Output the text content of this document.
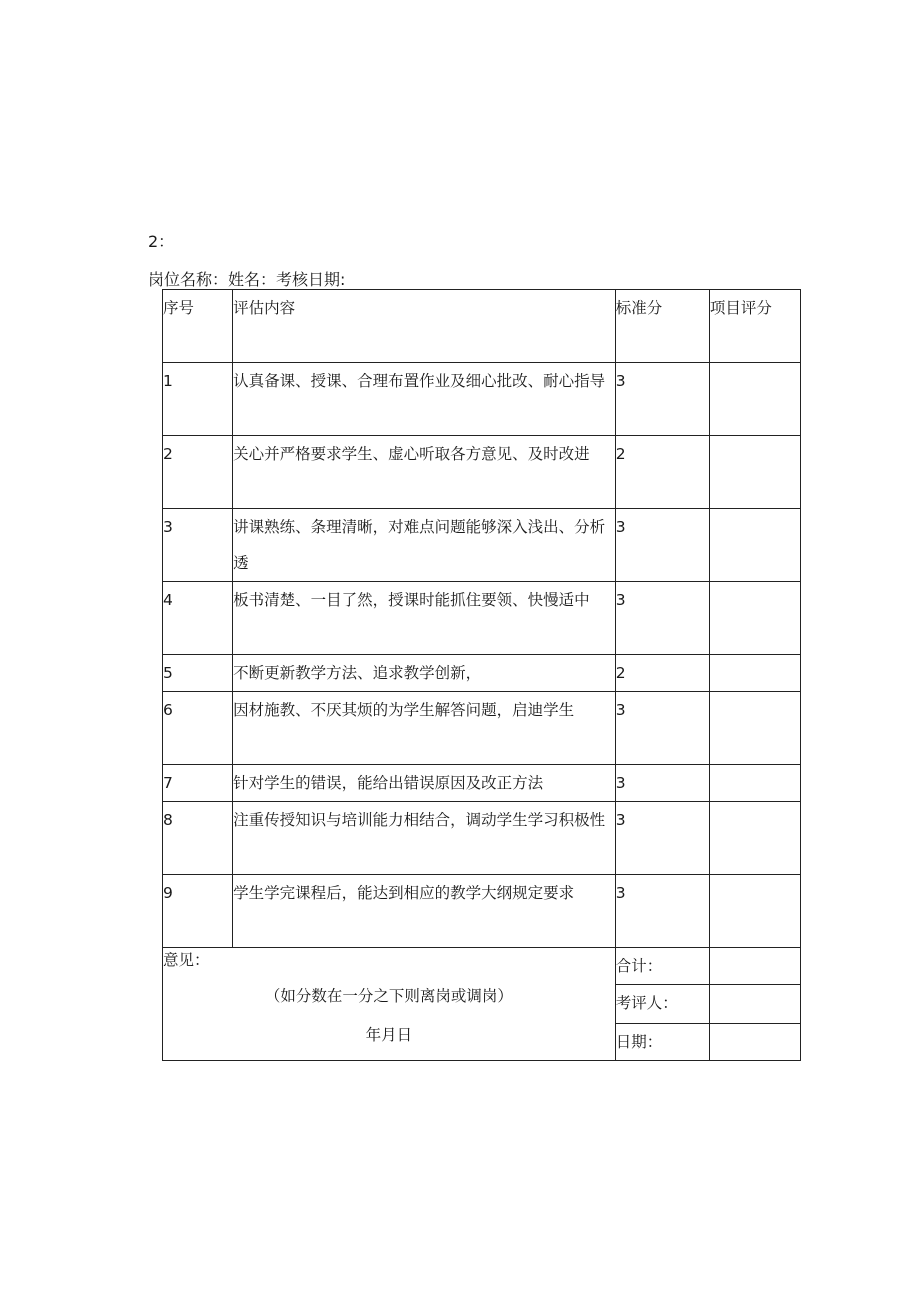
2：
岗位名称：姓名：考核日期:
序号	评估内容	标准分	项目评分
1	认真备课、授课、合理布置作业及细心批改、耐心指导	3	
2	关心并严格要求学生、虚心听取各方意见、及时改进	2	
3	讲课熟练、条理清晰，对难点问题能够深入浅出、分析透	3	
4	板书清楚、一目了然，授课时能抓住要领、快慢适中	3	
5	不断更新教学方法、追求教学创新，	2	
6	因材施教、不厌其烦的为学生解答问题，启迪学生	3	
7	针对学生的错误，能给出错误原因及改正方法	3	
8	注重传授知识与培训能力相结合，调动学生学习积极性	3	
9	学生学完课程后，能达到相应的教学大纲规定要求	3	

意见：
（如分数在一分之下则离岗或调岗）
年月日		合计：	
		考评人：	
		日期：	
